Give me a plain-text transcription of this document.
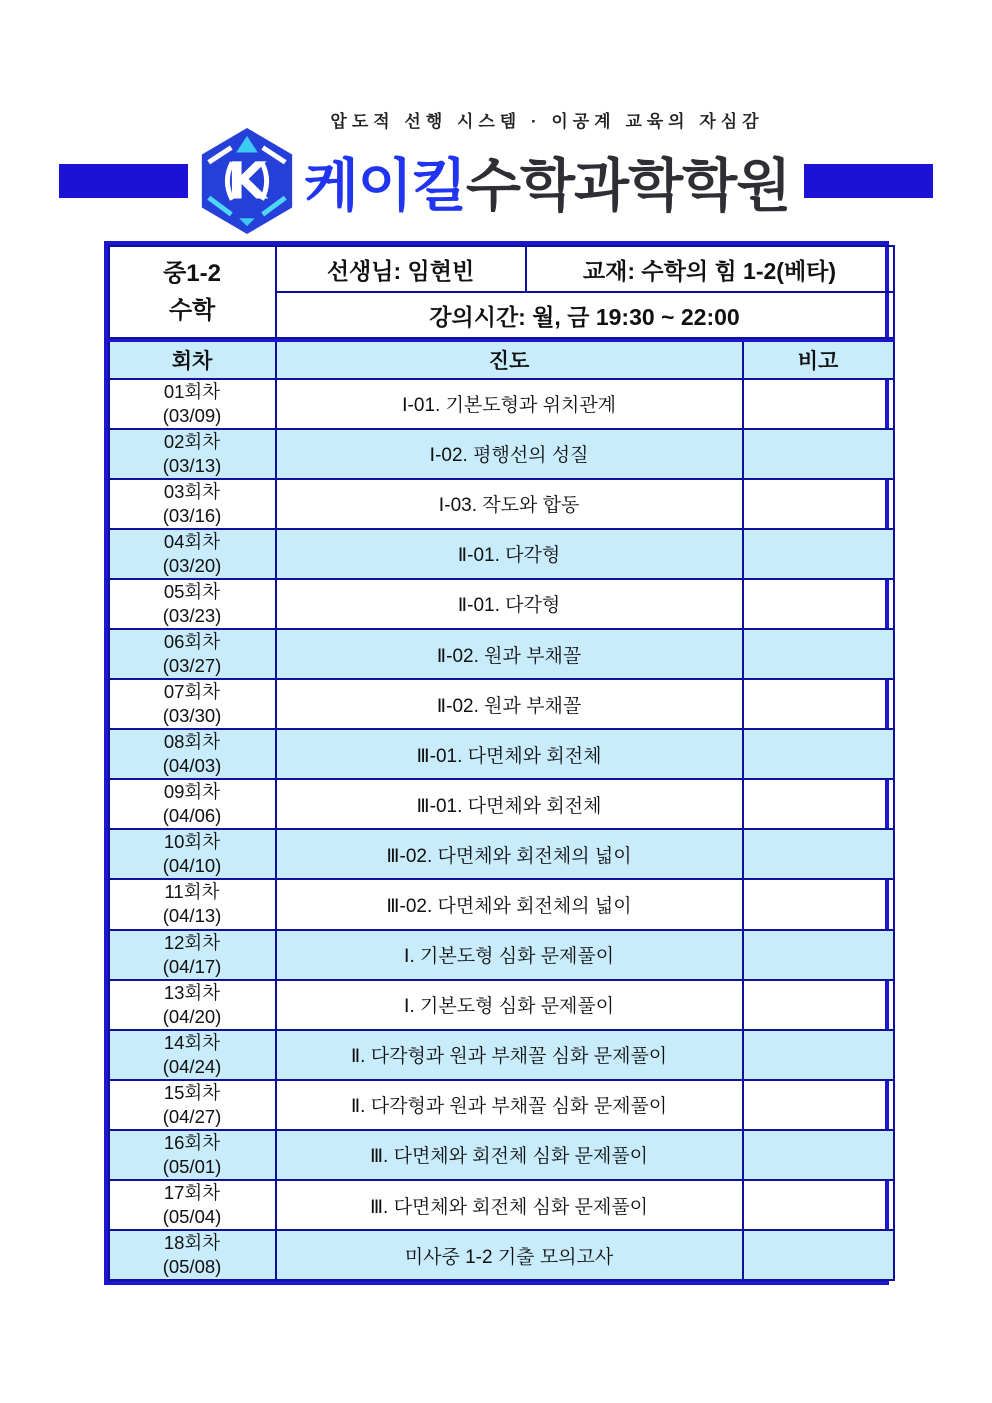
K
압도적 선행 시스템 · 이공계 교육의 자심감
케이킬 수학과학학원
중1-2
수학
	선생님: 임현빈	교재: 수학의 힘 1-2(베타)
강의시간: 월, 금 19:30 ~ 22:00
회차	진도	비고

01회차
(03/09)	Ⅰ-01. 기본도형과 위치관계	

02회차
(03/13)	Ⅰ-02. 평행선의 성질	

03회차
(03/16)	Ⅰ-03. 작도와 합동	

04회차
(03/20)	Ⅱ-01. 다각형	

05회차
(03/23)	Ⅱ-01. 다각형	

06회차
(03/27)	Ⅱ-02. 원과 부채꼴	

07회차
(03/30)	Ⅱ-02. 원과 부채꼴	

08회차
(04/03)	Ⅲ-01. 다면체와 회전체	

09회차
(04/06)	Ⅲ-01. 다면체와 회전체	

10회차
(04/10)	Ⅲ-02. 다면체와 회전체의 넓이	

11회차
(04/13)	Ⅲ-02. 다면체와 회전체의 넓이	

12회차
(04/17)	Ⅰ. 기본도형 심화 문제풀이	

13회차
(04/20)	Ⅰ. 기본도형 심화 문제풀이	

14회차
(04/24)	Ⅱ. 다각형과 원과 부채꼴 심화 문제풀이	

15회차
(04/27)	Ⅱ. 다각형과 원과 부채꼴 심화 문제풀이	

16회차
(05/01)	Ⅲ. 다면체와 회전체 심화 문제풀이	

17회차
(05/04)	Ⅲ. 다면체와 회전체 심화 문제풀이	

18회차
(05/08)	미사중 1-2 기출 모의고사	
